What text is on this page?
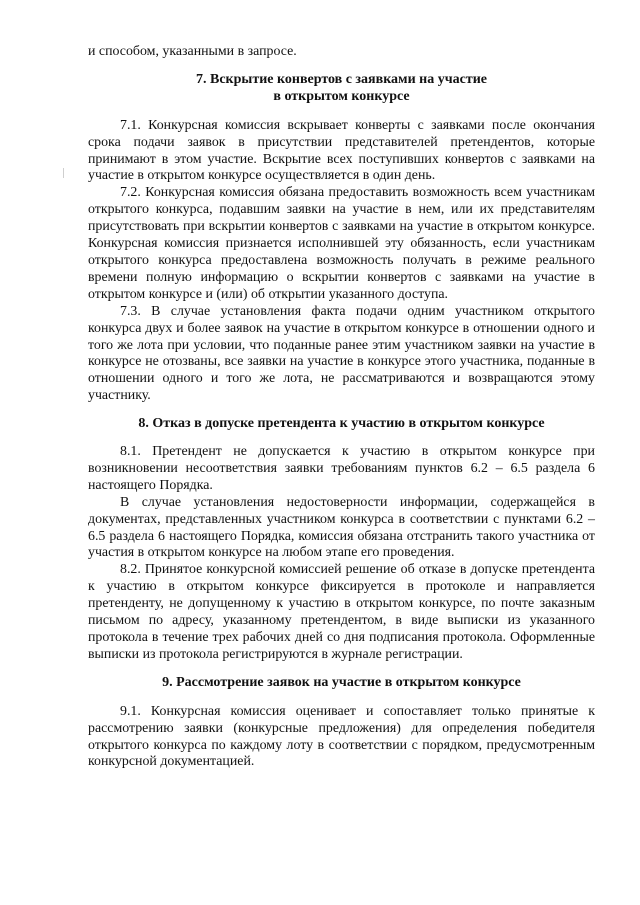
и способом, указанными в запросе.

7. Вскрытие конвертов с заявками на участие
в открытом конкурсе

7.1. Конкурсная комиссия вскрывает конверты с заявками после окончания срока подачи заявок в присутствии представителей претендентов, которые принимают в этом участие. Вскрытие всех поступивших конвертов с заявками на участие в открытом конкурсе осуществляется в один день.

7.2. Конкурсная комиссия обязана предоставить возможность всем участникам открытого конкурса, подавшим заявки на участие в нем, или их представителям присутствовать при вскрытии конвертов с заявками на участие в открытом конкурсе. Конкурсная комиссия признается исполнившей эту обязанность, если участникам открытого конкурса предоставлена возможность получать в режиме реального времени полную информацию о вскрытии конвертов с заявками на участие в открытом конкурсе и (или) об открытии указанного доступа.

7.3. В случае установления факта подачи одним участником открытого конкурса двух и более заявок на участие в открытом конкурсе в отношении одного и того же лота при условии, что поданные ранее этим участником заявки на участие в конкурсе не отозваны, все заявки на участие в конкурсе этого участника, поданные в отношении одного и того же лота, не рассматриваются и возвращаются этому участнику.

8. Отказ в допуске претендента к участию в открытом конкурсе

8.1. Претендент не допускается к участию в открытом конкурсе при возникновении несоответствия заявки требованиям пунктов 6.2 – 6.5 раздела 6 настоящего Порядка.

В случае установления недостоверности информации, содержащейся в документах, представленных участником конкурса в соответствии с пунктами 6.2 – 6.5 раздела 6 настоящего Порядка, комиссия обязана отстранить такого участника от участия в открытом конкурсе на любом этапе его проведения.

8.2. Принятое конкурсной комиссией решение об отказе в допуске претендента к участию в открытом конкурсе фиксируется в протоколе и направляется претенденту, не допущенному к участию в открытом конкурсе, по почте заказным письмом по адресу, указанному претендентом, в виде выписки из указанного протокола в течение трех рабочих дней со дня подписания протокола. Оформленные выписки из протокола регистрируются в журнале регистрации.

9. Рассмотрение заявок на участие в открытом конкурсе

9.1. Конкурсная комиссия оценивает и сопоставляет только принятые к рассмотрению заявки (конкурсные предложения) для определения победителя открытого конкурса по каждому лоту в соответствии с порядком, предусмотренным конкурсной документацией.
